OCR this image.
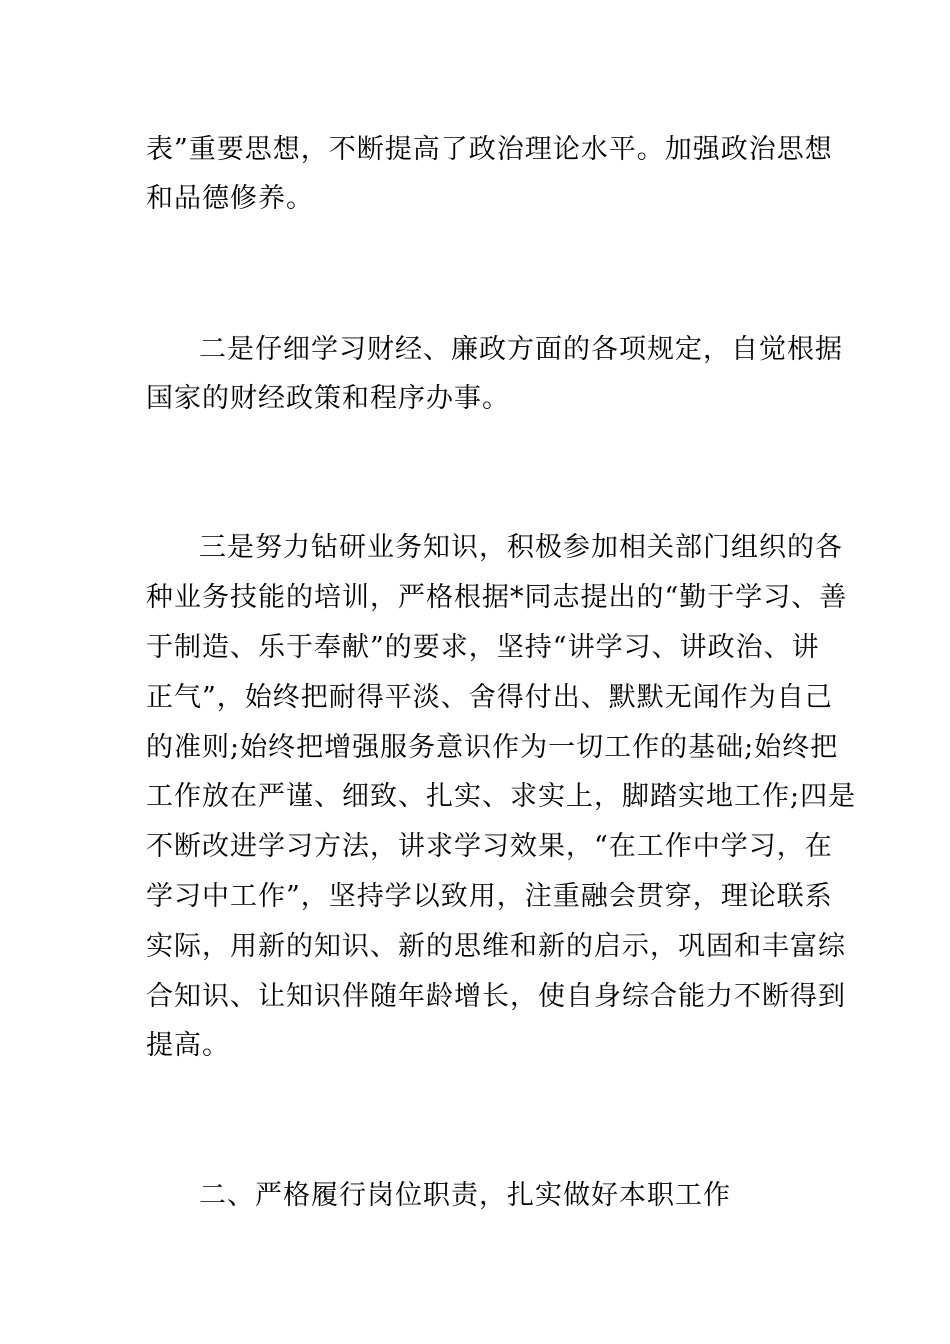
表”重要思想，不断提高了政治理论水平。加强政治思想
和品德修养。
二是仔细学习财经、廉政方面的各项规定，自觉根据
国家的财经政策和程序办事。
三是努力钻研业务知识，积极参加相关部门组织的各
种业务技能的培训，严格根据*同志提出的“勤于学习、善
于制造、乐于奉献”的要求，坚持“讲学习、讲政治、讲
正气”，始终把耐得平淡、舍得付出、默默无闻作为自己
的准则;始终把增强服务意识作为一切工作的基础;始终把
工作放在严谨、细致、扎实、求实上，脚踏实地工作;四是
不断改进学习方法，讲求学习效果，“在工作中学习，在
学习中工作”，坚持学以致用，注重融会贯穿，理论联系
实际，用新的知识、新的思维和新的启示，巩固和丰富综
合知识、让知识伴随年龄增长，使自身综合能力不断得到
提高。
二、严格履行岗位职责，扎实做好本职工作
